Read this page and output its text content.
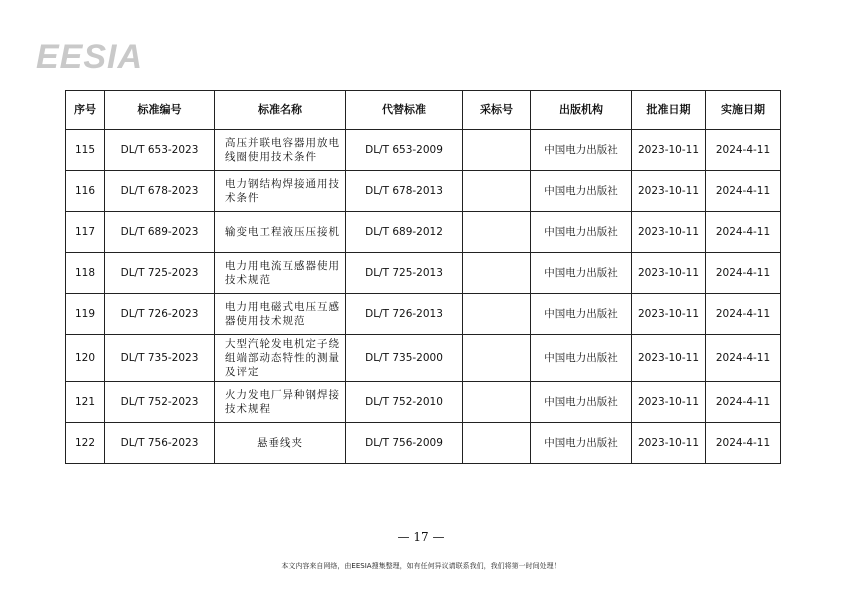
EESIA
序号	标准编号	标准名称	代替标准	采标号	出版机构	批准日期	实施日期
115	DL/T 653-2023	高压并联电容器用放电线圈使用技术条件	DL/T 653-2009		中国电力出版社	2023-10-11	2024-4-11
116	DL/T 678-2023	电力钢结构焊接通用技术条件	DL/T 678-2013		中国电力出版社	2023-10-11	2024-4-11
117	DL/T 689-2023	输变电工程液压压接机	DL/T 689-2012		中国电力出版社	2023-10-11	2024-4-11
118	DL/T 725-2023	电力用电流互感器使用技术规范	DL/T 725-2013		中国电力出版社	2023-10-11	2024-4-11
119	DL/T 726-2023	电力用电磁式电压互感器使用技术规范	DL/T 726-2013		中国电力出版社	2023-10-11	2024-4-11
120	DL/T 735-2023	大型汽轮发电机定子绕组端部动态特性的测量及评定	DL/T 735-2000		中国电力出版社	2023-10-11	2024-4-11
121	DL/T 752-2023	火力发电厂异种钢焊接技术规程	DL/T 752-2010		中国电力出版社	2023-10-11	2024-4-11
122	DL/T 756-2023	悬垂线夹	DL/T 756-2009		中国电力出版社	2023-10-11	2024-4-11
— 17 —
本文内容来自网络，由EESIA搜集整理，如有任何异议请联系我们，我们将第一时间处理！
